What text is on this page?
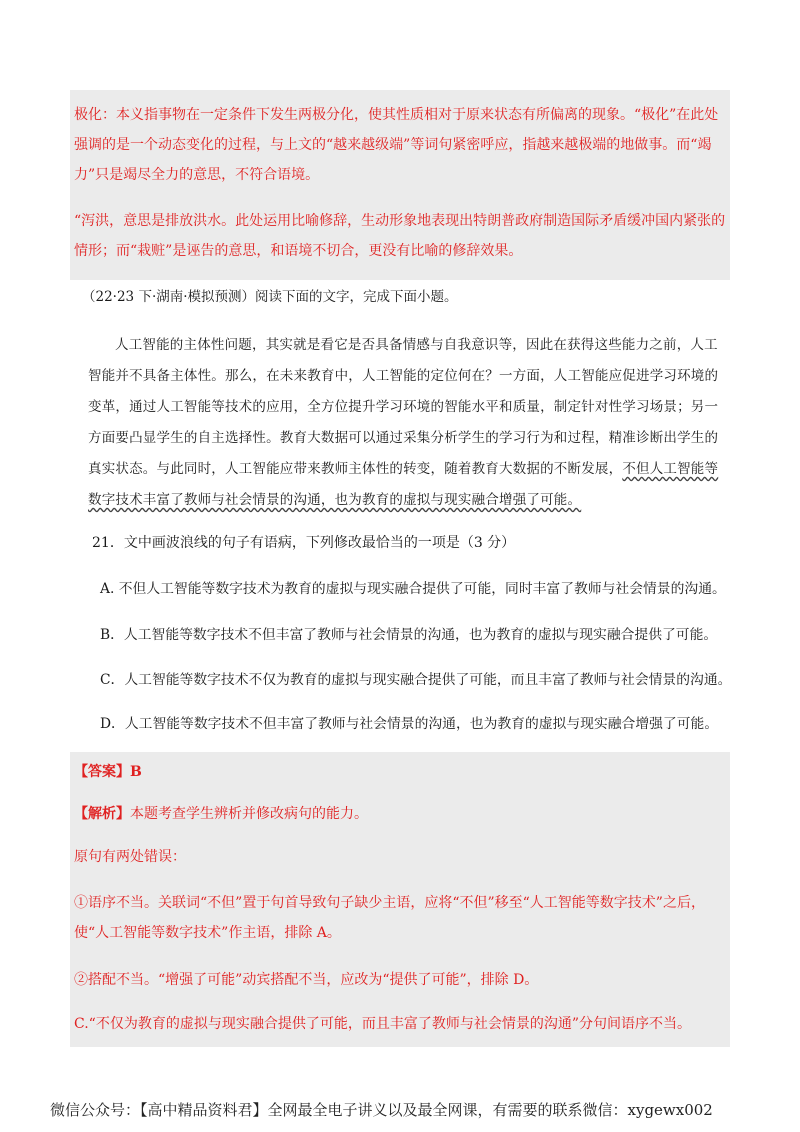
极化：本义指事物在一定条件下发生两极分化，使其性质相对于原来状态有所偏离的现象。“极化”在此处强调的是一个动态变化的过程，与上文的“越来越级端”等词句紧密呼应，指越来越极端的地做事。而“竭力”只是竭尽全力的意思，不符合语境。
“泻洪，意思是排放洪水。此处运用比喻修辞，生动形象地表现出特朗普政府制造国际矛盾缓冲国内紧张的情形；而“栽赃”是诬告的意思，和语境不切合，更没有比喻的修辞效果。
（22·23 下·湖南·模拟预测）阅读下面的文字，完成下面小题。
人工智能的主体性问题，其实就是看它是否具备情感与自我意识等，因此在获得这些能力之前，人工智能并不具备主体性。那么，在未来教育中，人工智能的定位何在？一方面，人工智能应促进学习环境的变革，通过人工智能等技术的应用，全方位提升学习环境的智能水平和质量，制定针对性学习场景；另一方面要凸显学生的自主选择性。教育大数据可以通过采集分析学生的学习行为和过程，精准诊断出学生的真实状态。与此同时，人工智能应带来教师主体性的转变，随着教育大数据的不断发展，不但人工智能等数字技术丰富了教师与社会情景的沟通，也为教育的虚拟与现实融合增强了可能。
21．文中画波浪线的句子有语病，下列修改最恰当的一项是（3 分）
A. 不但人工智能等数字技术为教育的虚拟与现实融合提供了可能，同时丰富了教师与社会情景的沟通。
B．人工智能等数字技术不但丰富了教师与社会情景的沟通，也为教育的虚拟与现实融合提供了可能。
C．人工智能等数字技术不仅为教育的虚拟与现实融合提供了可能，而且丰富了教师与社会情景的沟通。
D．人工智能等数字技术不但丰富了教师与社会情景的沟通，也为教育的虚拟与现实融合增强了可能。
【答案】B
【解析】本题考查学生辨析并修改病句的能力。
原句有两处错误：
①语序不当。关联词“不但”置于句首导致句子缺少主语，应将“不但”移至“人工智能等数字技术”之后，使“人工智能等数字技术”作主语，排除 A。
②搭配不当。“增强了可能”动宾搭配不当，应改为“提供了可能”，排除 D。
C.“不仅为教育的虚拟与现实融合提供了可能，而且丰富了教师与社会情景的沟通”分句间语序不当。
微信公众号：【高中精品资料君】全网最全电子讲义以及最全网课，有需要的联系微信：xygewx002
